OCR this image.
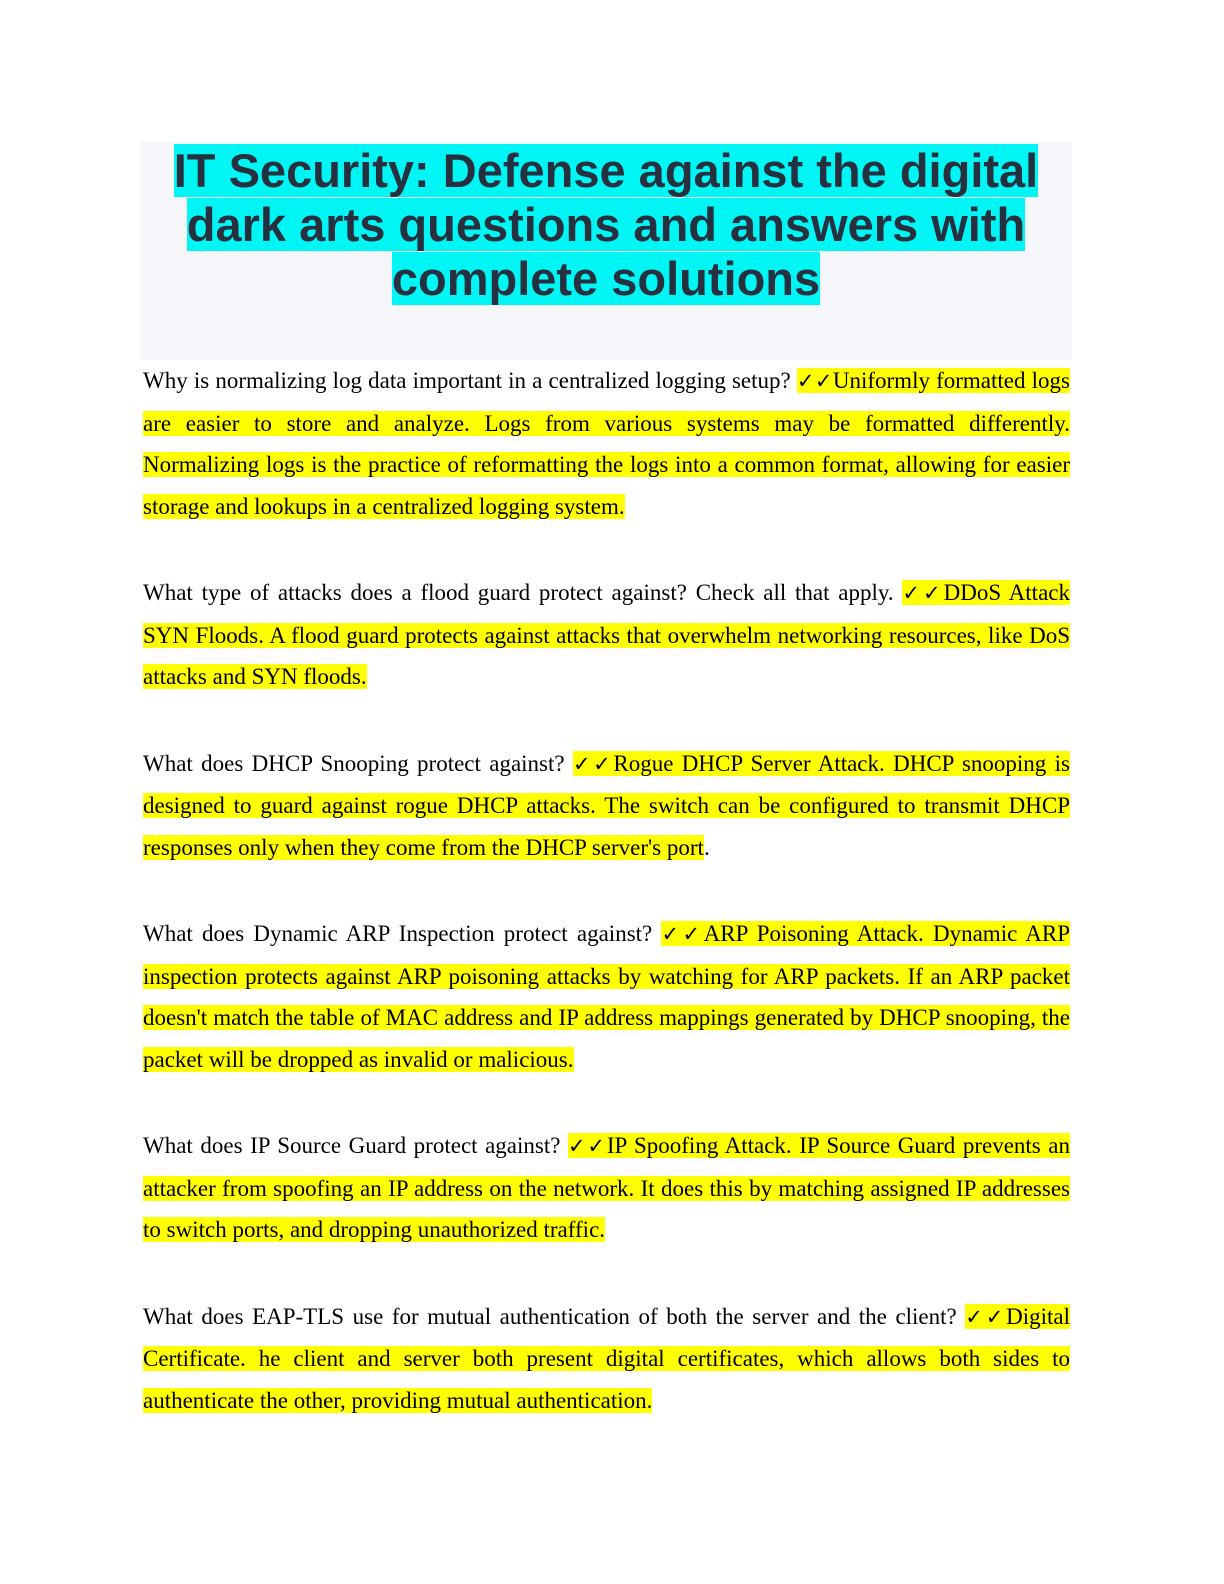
IT Security: Defense against the digital dark arts questions and answers with complete solutions

Why is normalizing log data important in a centralized logging setup? ✓✓Uniformly formatted logs are easier to store and analyze. Logs from various systems may be formatted differently. Normalizing logs is the practice of reformatting the logs into a common format, allowing for easier storage and lookups in a centralized logging system.

What type of attacks does a flood guard protect against? Check all that apply. ✓✓DDoS Attack SYN Floods. A flood guard protects against attacks that overwhelm networking resources, like DoS attacks and SYN floods.

What does DHCP Snooping protect against? ✓✓Rogue DHCP Server Attack. DHCP snooping is designed to guard against rogue DHCP attacks. The switch can be configured to transmit DHCP responses only when they come from the DHCP server's port.

What does Dynamic ARP Inspection protect against? ✓✓ARP Poisoning Attack. Dynamic ARP inspection protects against ARP poisoning attacks by watching for ARP packets. If an ARP packet doesn't match the table of MAC address and IP address mappings generated by DHCP snooping, the packet will be dropped as invalid or malicious.

What does IP Source Guard protect against? ✓✓IP Spoofing Attack. IP Source Guard prevents an attacker from spoofing an IP address on the network. It does this by matching assigned IP addresses to switch ports, and dropping unauthorized traffic.

What does EAP-TLS use for mutual authentication of both the server and the client? ✓✓Digital Certificate. he client and server both present digital certificates, which allows both sides to authenticate the other, providing mutual authentication.
